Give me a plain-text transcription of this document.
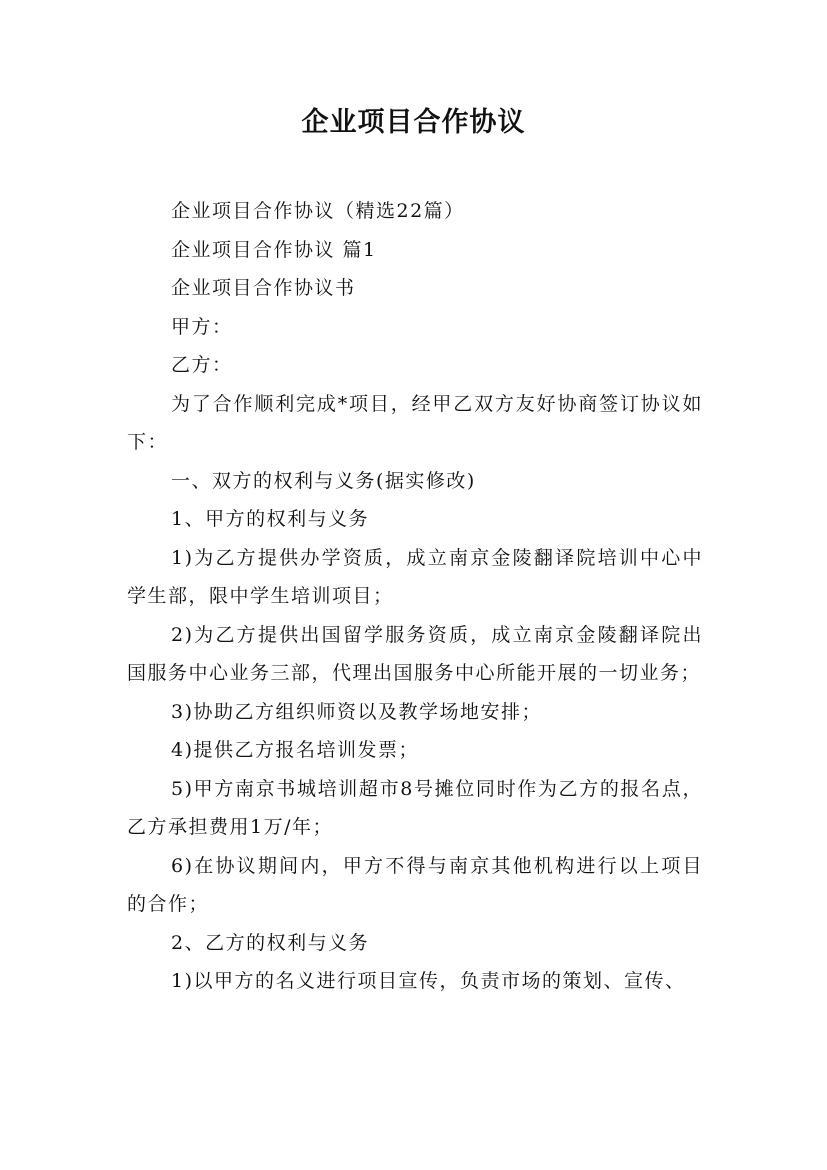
企业项目合作协议

企业项目合作协议（精选22篇）

企业项目合作协议 篇1

企业项目合作协议书

甲方：

乙方：

为了合作顺利完成*项目，经甲乙双方友好协商签订协议如下：

一、双方的权利与义务(据实修改)

1、甲方的权利与义务

1)为乙方提供办学资质，成立南京金陵翻译院培训中心中学生部，限中学生培训项目；

2)为乙方提供出国留学服务资质，成立南京金陵翻译院出国服务中心业务三部，代理出国服务中心所能开展的一切业务；

3)协助乙方组织师资以及教学场地安排；

4)提供乙方报名培训发票；

5)甲方南京书城培训超市8号摊位同时作为乙方的报名点，乙方承担费用1万/年；

6)在协议期间内，甲方不得与南京其他机构进行以上项目的合作；

2、乙方的权利与义务

1)以甲方的名义进行项目宣传，负责市场的策划、宣传、
